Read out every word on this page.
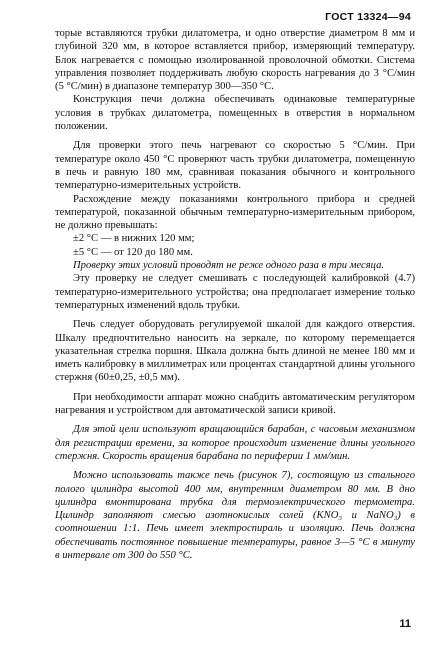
ГОСТ 13324—94

торые вставляются трубки дилатометра, и одно отверстие диаметром 8 мм и глубиной 320 мм, в которое вставляется прибор, измеряющий температуру. Блок нагревается с помощью изолированной проволочной обмотки. Система управления позволяет поддерживать любую скорость нагревания до 3 °С/мин (5 °С/мин) в диапазоне температур 300—350 °С.

Конструкция печи должна обеспечивать одинаковые температурные условия в трубках дилатометра, помещенных в отверстия в нормальном положении.

Для проверки этого печь нагревают со скоростью 5 °С/мин. При температуре около 450 °С проверяют часть трубки дилатометра, помещенную в печь и равную 180 мм, сравнивая показания обычного и контрольного температурно-измерительных устройств.

Расхождение между показаниями контрольного прибора и средней температурой, показанной обычным температурно-измерительным прибором, не должно превышать:

±2 °С — в нижних 120 мм;

±5 °С — от 120 до 180 мм.

Проверку этих условий проводят не реже одного раза в три месяца.

Эту проверку не следует смешивать с последующей калибровкой (4.7) температурно-измерительного устройства; она предполагает измерение только температурных изменений вдоль трубки.

Печь следует оборудовать регулируемой шкалой для каждого отверстия. Шкалу предпочтительно наносить на зеркале, по которому перемещается указательная стрелка поршня. Шкала должна быть длиной не менее 180 мм и иметь калибровку в миллиметрах или процентах стандартной длины угольного стержня (60±0,25, ±0,5 мм).

При необходимости аппарат можно снабдить автоматическим регулятором нагревания и устройством для автоматической записи кривой.

Для этой цели используют вращающийся барабан, с часовым механизмом для регистрации времени, за которое происходит изменение длины угольного стержня. Скорость вращения барабана по периферии 1 мм/мин.

Можно использовать также печь (рисунок 7), состоящую из стального полого цилиндра высотой 400 мм, внутренним диаметром 80 мм. В дно цилиндра вмонтирована трубка для термоэлектрического термометра. Цилиндр заполняют смесью азотнокислых солей (KNO₃ и NaNO₃) в соотношении 1:1. Печь имеет электроспираль и изоляцию. Печь должна обеспечивать постоянное повышение температуры, равное 3—5 °С в минуту в интервале от 300 до 550 °С.

11
